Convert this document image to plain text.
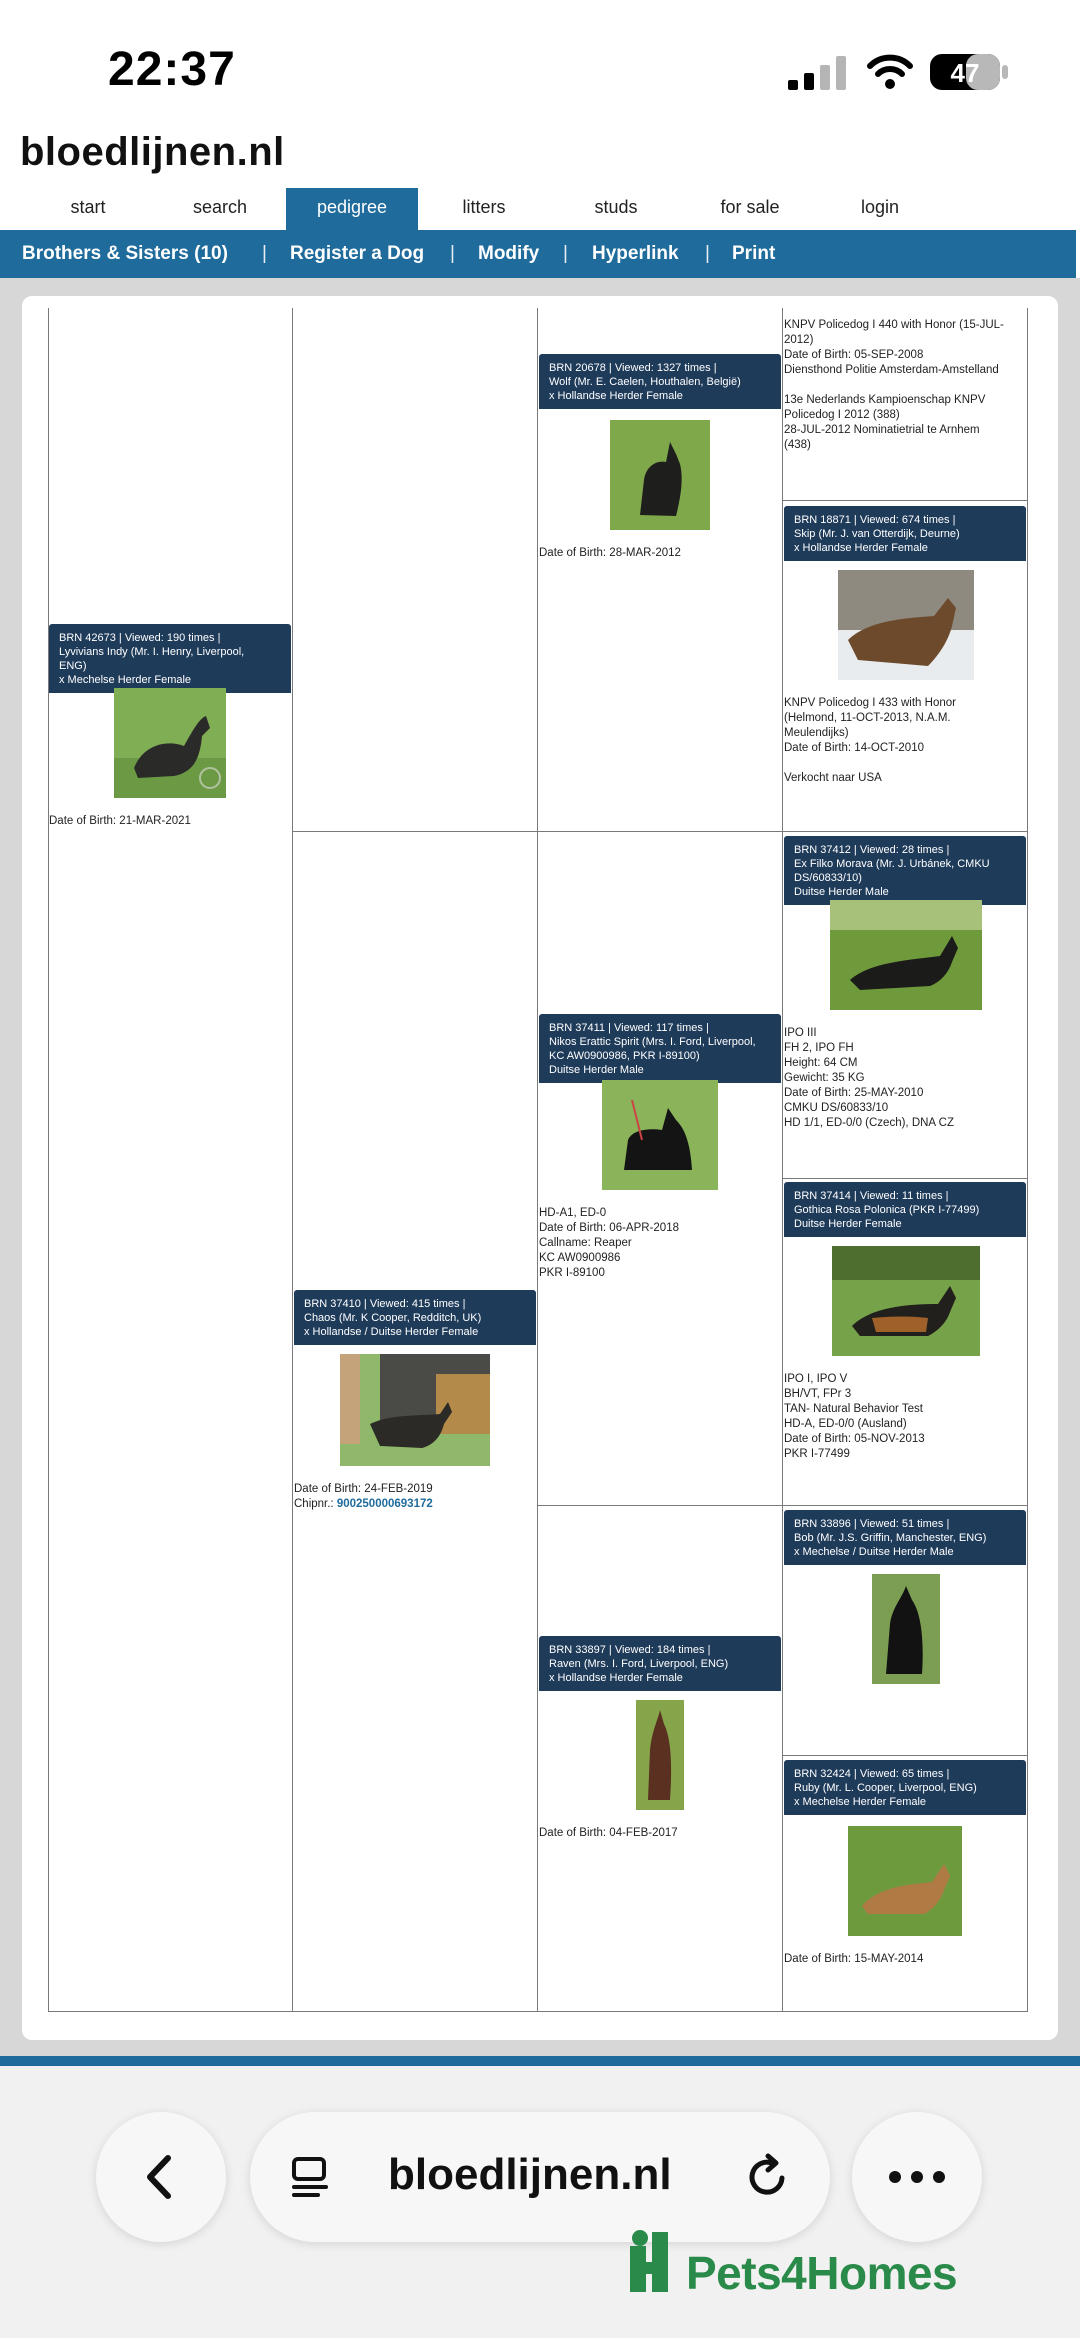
22:37	47
bloedlijnen.nl
start	search	pedigree	litters	studs	for sale	login
Brothers & Sisters (10) | Register a Dog | Modify | Hyperlink | Print
BRN 42673 | Viewed: 190 times |
Lyvivians Indy (Mr. I. Henry, Liverpool,
ENG)
x Mechelse Herder Female
Date of Birth: 21-MAR-2021
BRN 37410 | Viewed: 415 times |
Chaos (Mr. K Cooper, Redditch, UK)
x Hollandse / Duitse Herder Female
Date of Birth: 24-FEB-2019
Chipnr.: 900250000693172
BRN 20678 | Viewed: 1327 times |
Wolf (Mr. E. Caelen, Houthalen, België)
x Hollandse Herder Female
Date of Birth: 28-MAR-2012
BRN 37411 | Viewed: 117 times |
Nikos Erattic Spirit (Mrs. I. Ford, Liverpool,
KC AW0900986, PKR I-89100)
Duitse Herder Male
HD-A1, ED-0
Date of Birth: 06-APR-2018
Callname: Reaper
KC AW0900986
PKR I-89100
BRN 33897 | Viewed: 184 times |
Raven (Mrs. I. Ford, Liverpool, ENG)
x Hollandse Herder Female
Date of Birth: 04-FEB-2017
KNPV Policedog I 440 with Honor (15-JUL-
2012)
Date of Birth: 05-SEP-2008
Diensthond Politie Amsterdam-Amstelland
13e Nederlands Kampioenschap KNPV
Policedog I 2012 (388)
28-JUL-2012 Nominatietrial te Arnhem
(438)
BRN 18871 | Viewed: 674 times |
Skip (Mr. J. van Otterdijk, Deurne)
x Hollandse Herder Female
KNPV Policedog I 433 with Honor
(Helmond, 11-OCT-2013, N.A.M.
Meulendijks)
Date of Birth: 14-OCT-2010
Verkocht naar USA
BRN 37412 | Viewed: 28 times |
Ex Filko Morava (Mr. J. Urbánek, CMKU
DS/60833/10)
Duitse Herder Male
IPO III
FH 2, IPO FH
Height: 64 CM
Gewicht: 35 KG
Date of Birth: 25-MAY-2010
CMKU DS/60833/10
HD 1/1, ED-0/0 (Czech), DNA CZ
BRN 37414 | Viewed: 11 times |
Gothica Rosa Polonica (PKR I-77499)
Duitse Herder Female
IPO I, IPO V
BH/VT, FPr 3
TAN- Natural Behavior Test
HD-A, ED-0/0 (Ausland)
Date of Birth: 05-NOV-2013
PKR I-77499
BRN 33896 | Viewed: 51 times |
Bob (Mr. J.S. Griffin, Manchester, ENG)
x Mechelse / Duitse Herder Male
BRN 32424 | Viewed: 65 times |
Ruby (Mr. L. Cooper, Liverpool, ENG)
x Mechelse Herder Female
Date of Birth: 15-MAY-2014
bloedlijnen.nl
Pets4Homes
